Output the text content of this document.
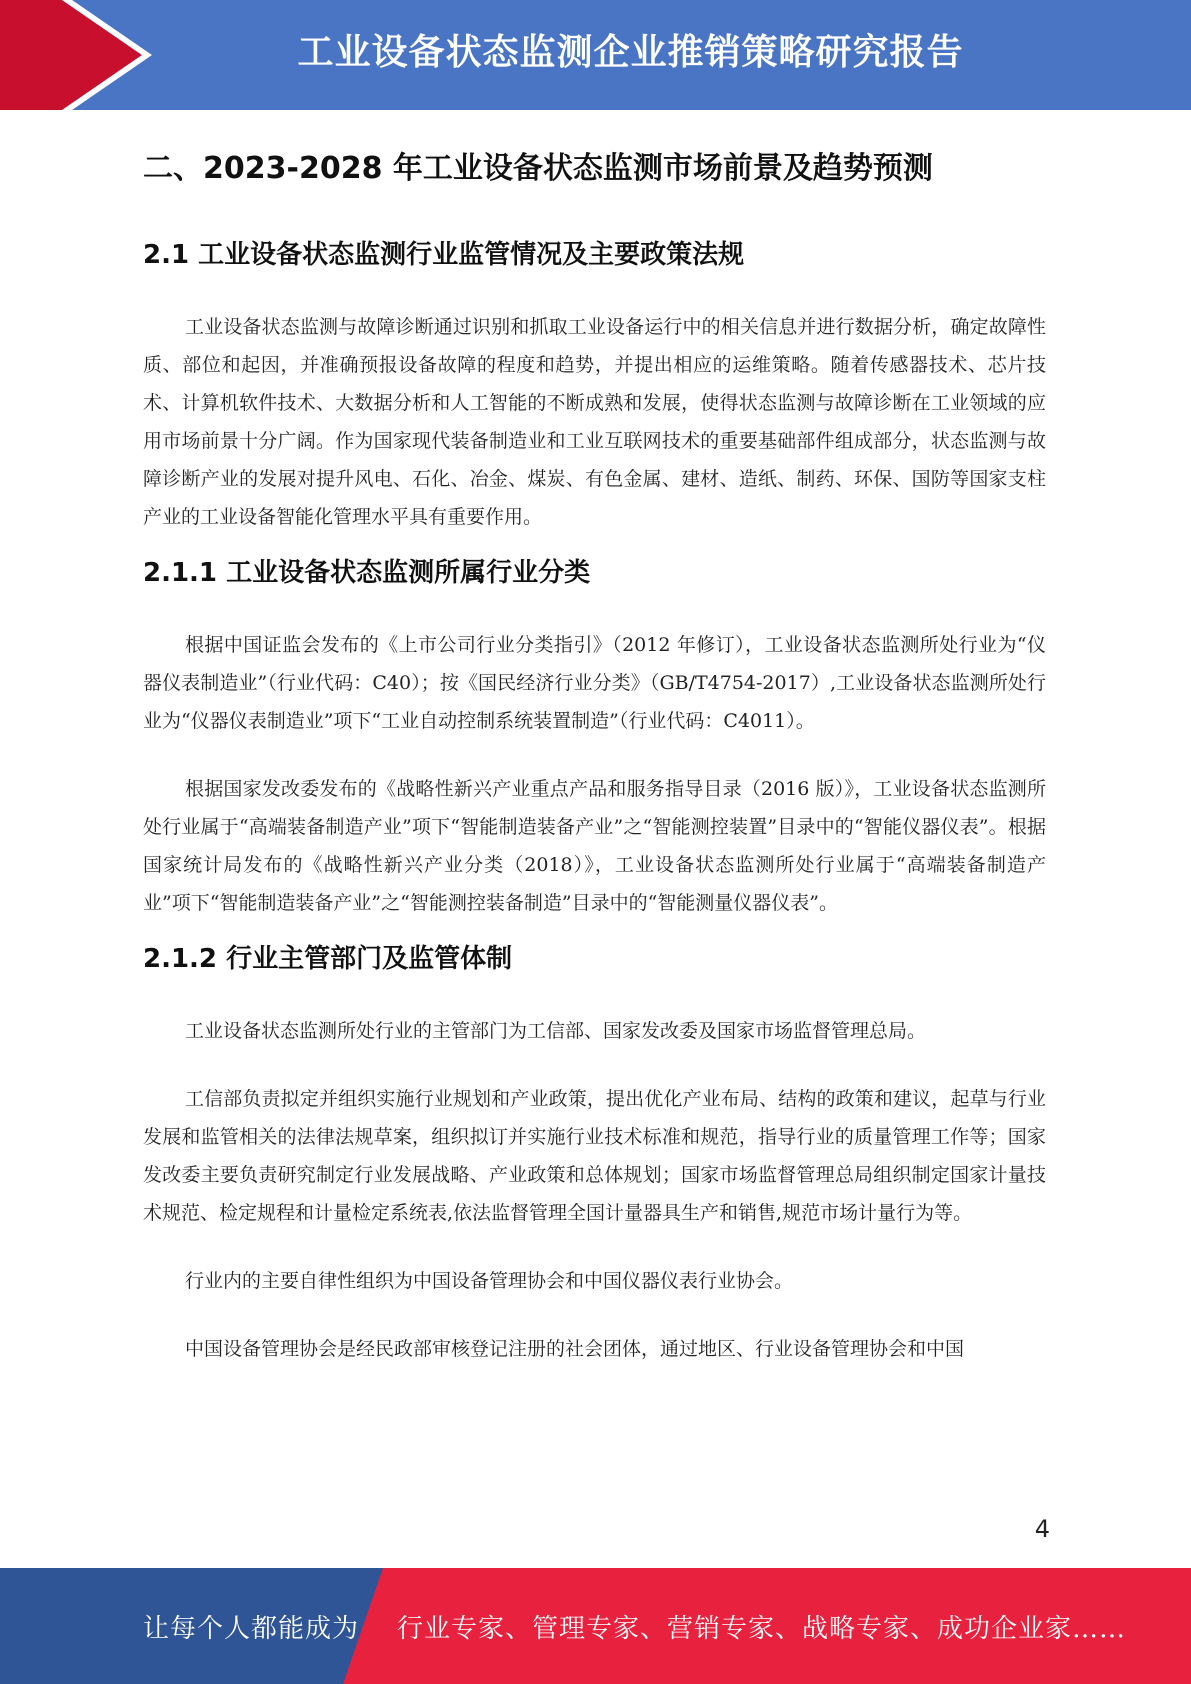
工业设备状态监测企业推销策略研究报告
二、2023-2028 年工业设备状态监测市场前景及趋势预测
2.1 工业设备状态监测行业监管情况及主要政策法规

工业设备状态监测与故障诊断通过识别和抓取工业设备运行中的相关信息并进行数据分析，确定故障性质、部位和起因，并准确预报设备故障的程度和趋势，并提出相应的运维策略。随着传感器技术、芯片技术、计算机软件技术、大数据分析和人工智能的不断成熟和发展，使得状态监测与故障诊断在工业领域的应用市场前景十分广阔。作为国家现代装备制造业和工业互联网技术的重要基础部件组成部分，状态监测与故障诊断产业的发展对提升风电、石化、冶金、煤炭、有色金属、建材、造纸、制药、环保、国防等国家支柱产业的工业设备智能化管理水平具有重要作用。

2.1.1 工业设备状态监测所属行业分类

根据中国证监会发布的《上市公司行业分类指引》（2012 年修订），工业设备状态监测所处行业为“仪器仪表制造业”（行业代码：C40）；按《国民经济行业分类》（GB/T4754-2017）,工业设备状态监测所处行业为“仪器仪表制造业”项下“工业自动控制系统装置制造”（行业代码：C4011）。

根据国家发改委发布的《战略性新兴产业重点产品和服务指导目录（2016 版）》，工业设备状态监测所处行业属于“高端装备制造产业”项下“智能制造装备产业”之“智能测控装置”目录中的“智能仪器仪表”。根据国家统计局发布的《战略性新兴产业分类（2018）》，工业设备状态监测所处行业属于“高端装备制造产业”项下“智能制造装备产业”之“智能测控装备制造”目录中的“智能测量仪器仪表”。

2.1.2 行业主管部门及监管体制

工业设备状态监测所处行业的主管部门为工信部、国家发改委及国家市场监督管理总局。

工信部负责拟定并组织实施行业规划和产业政策，提出优化产业布局、结构的政策和建议，起草与行业发展和监管相关的法律法规草案，组织拟订并实施行业技术标准和规范，指导行业的质量管理工作等；国家发改委主要负责研究制定行业发展战略、产业政策和总体规划；国家市场监督管理总局组织制定国家计量技术规范、检定规程和计量检定系统表,依法监督管理全国计量器具生产和销售,规范市场计量行为等。

行业内的主要自律性组织为中国设备管理协会和中国仪器仪表行业协会。

中国设备管理协会是经民政部审核登记注册的社会团体，通过地区、行业设备管理协会和中国

4
让每个人都能成为 行业专家、管理专家、营销专家、战略专家、成功企业家……
